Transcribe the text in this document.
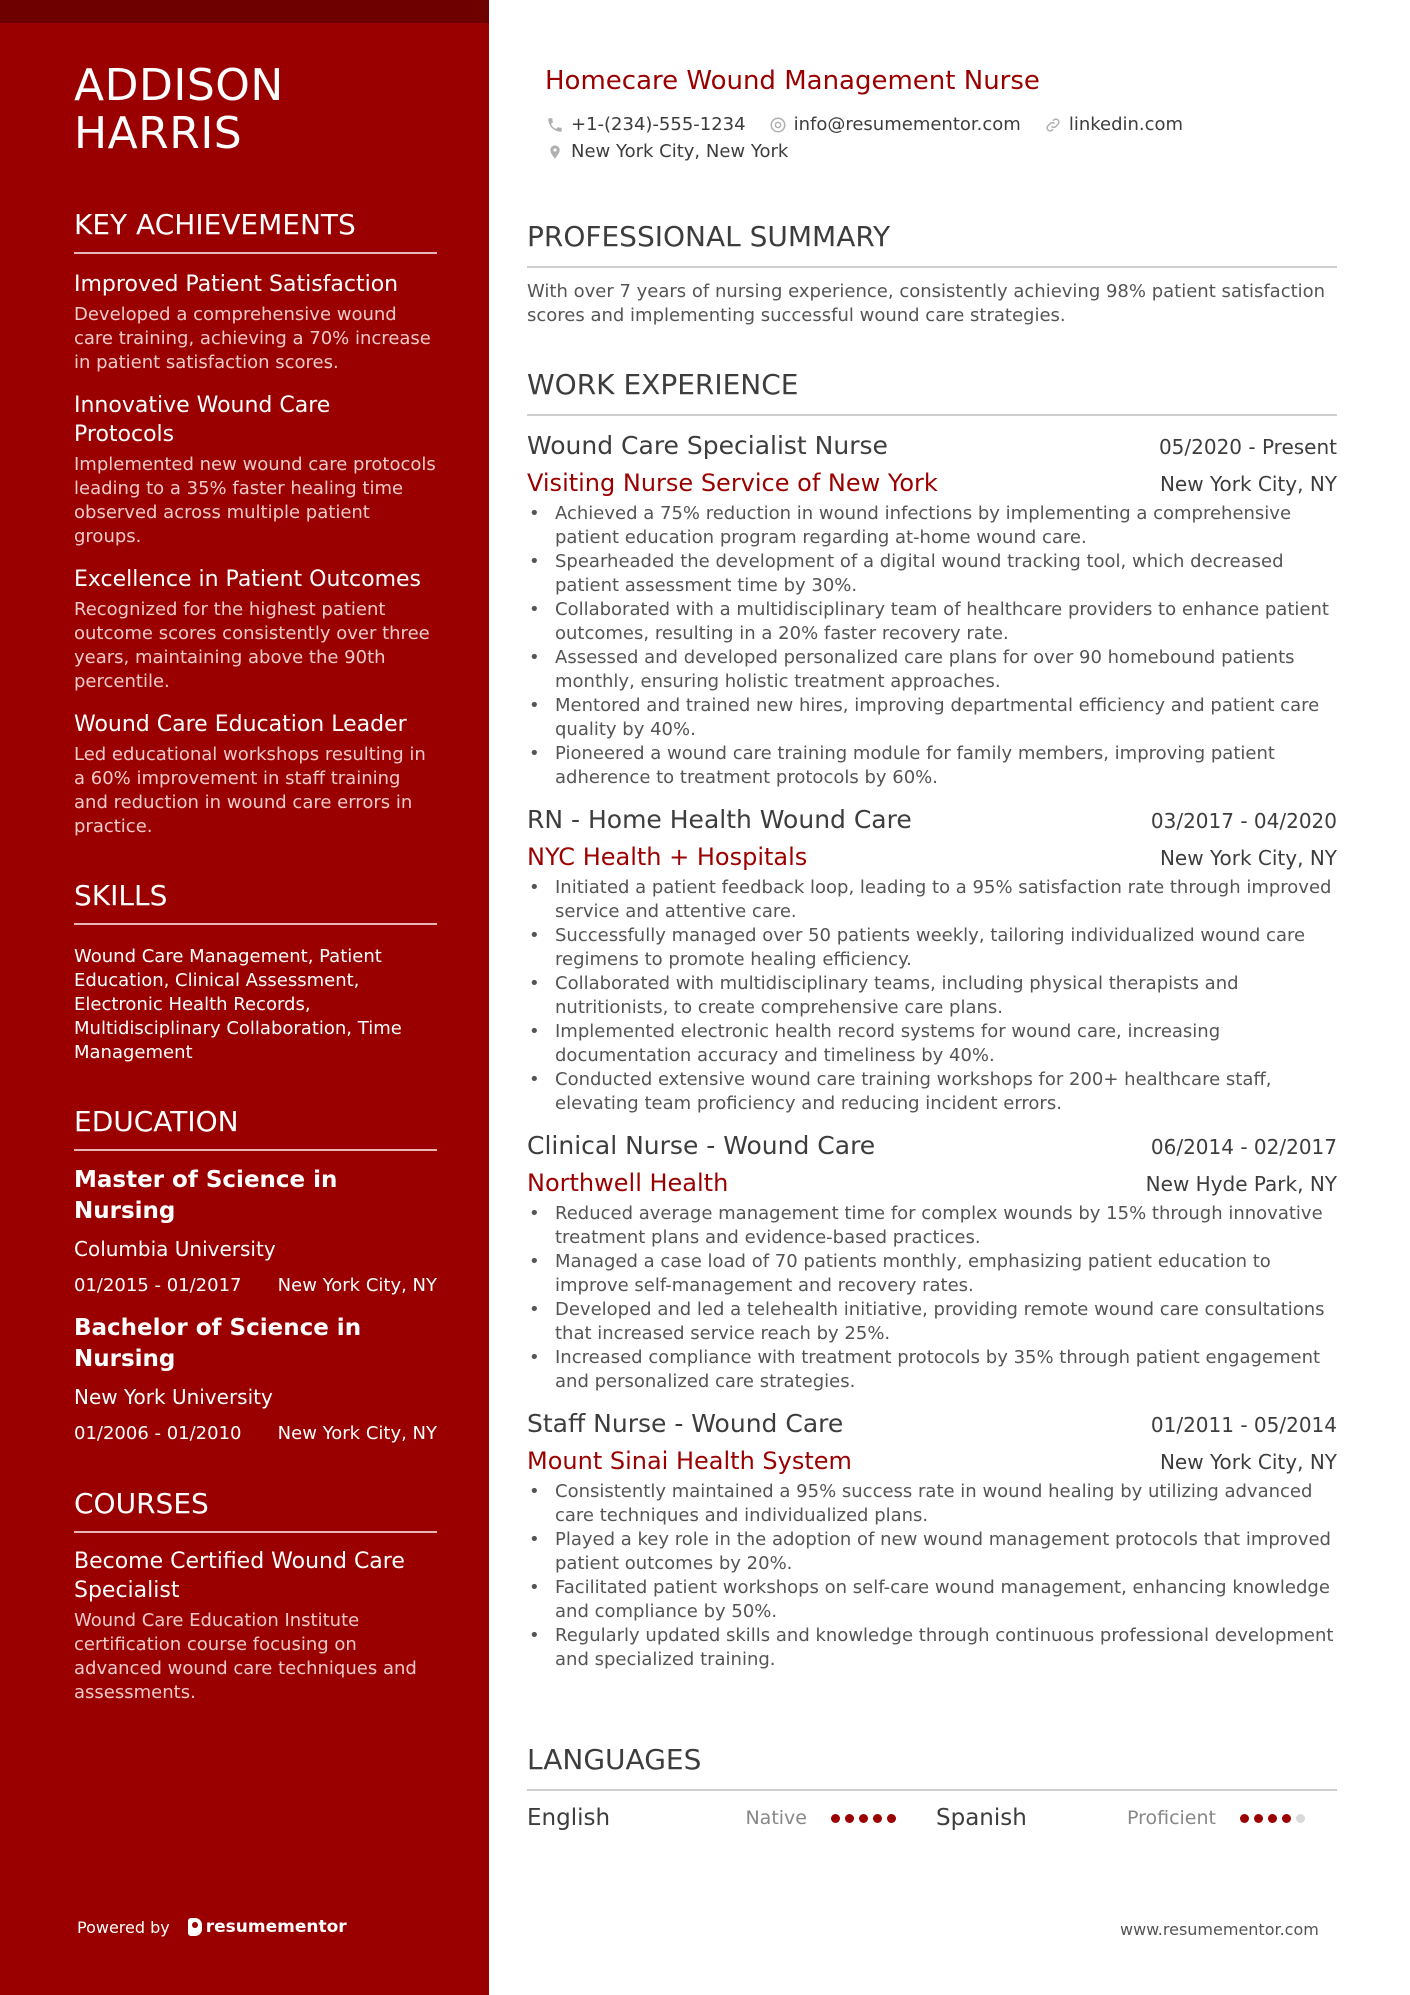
ADDISON
HARRIS
KEY ACHIEVEMENTS
Improved Patient Satisfaction
Developed a comprehensive wound care training, achieving a 70% increase in patient satisfaction scores.
Innovative Wound Care Protocols
Implemented new wound care protocols leading to a 35% faster healing time observed across multiple patient groups.
Excellence in Patient Outcomes
Recognized for the highest patient outcome scores consistently over three years, maintaining above the 90th percentile.
Wound Care Education Leader
Led educational workshops resulting in a 60% improvement in staff training and reduction in wound care errors in practice.
SKILLS
Wound Care Management, Patient Education, Clinical Assessment, Electronic Health Records, Multidisciplinary Collaboration, Time Management
EDUCATION
Master of Science in Nursing
Columbia University
01/2015 - 01/2017 New York City, NY
Bachelor of Science in Nursing
New York University
01/2006 - 01/2010 New York City, NY
COURSES
Become Certified Wound Care Specialist
Wound Care Education Institute certification course focusing on advanced wound care techniques and assessments.
Powered by resumementor
Homecare Wound Management Nurse
+1-(234)-555-1234	info@resumementor.com	linkedin.com
New York City, New York
PROFESSIONAL SUMMARY
With over 7 years of nursing experience, consistently achieving 98% patient satisfaction scores and implementing successful wound care strategies.
WORK EXPERIENCE
Wound Care Specialist Nurse	05/2020 - Present
Visiting Nurse Service of New York	New York City, NY
• Achieved a 75% reduction in wound infections by implementing a comprehensive patient education program regarding at-home wound care.
• Spearheaded the development of a digital wound tracking tool, which decreased patient assessment time by 30%.
• Collaborated with a multidisciplinary team of healthcare providers to enhance patient outcomes, resulting in a 20% faster recovery rate.
• Assessed and developed personalized care plans for over 90 homebound patients monthly, ensuring holistic treatment approaches.
• Mentored and trained new hires, improving departmental efficiency and patient care quality by 40%.
• Pioneered a wound care training module for family members, improving patient adherence to treatment protocols by 60%.
RN - Home Health Wound Care	03/2017 - 04/2020
NYC Health + Hospitals	New York City, NY
• Initiated a patient feedback loop, leading to a 95% satisfaction rate through improved service and attentive care.
• Successfully managed over 50 patients weekly, tailoring individualized wound care regimens to promote healing efficiency.
• Collaborated with multidisciplinary teams, including physical therapists and nutritionists, to create comprehensive care plans.
• Implemented electronic health record systems for wound care, increasing documentation accuracy and timeliness by 40%.
• Conducted extensive wound care training workshops for 200+ healthcare staff, elevating team proficiency and reducing incident errors.
Clinical Nurse - Wound Care	06/2014 - 02/2017
Northwell Health	New Hyde Park, NY
• Reduced average management time for complex wounds by 15% through innovative treatment plans and evidence-based practices.
• Managed a case load of 70 patients monthly, emphasizing patient education to improve self-management and recovery rates.
• Developed and led a telehealth initiative, providing remote wound care consultations that increased service reach by 25%.
• Increased compliance with treatment protocols by 35% through patient engagement and personalized care strategies.
Staff Nurse - Wound Care	01/2011 - 05/2014
Mount Sinai Health System	New York City, NY
• Consistently maintained a 95% success rate in wound healing by utilizing advanced care techniques and individualized plans.
• Played a key role in the adoption of new wound management protocols that improved patient outcomes by 20%.
• Facilitated patient workshops on self-care wound management, enhancing knowledge and compliance by 50%.
• Regularly updated skills and knowledge through continuous professional development and specialized training.
LANGUAGES
English	Native	Spanish	Proficient
www.resumementor.com
